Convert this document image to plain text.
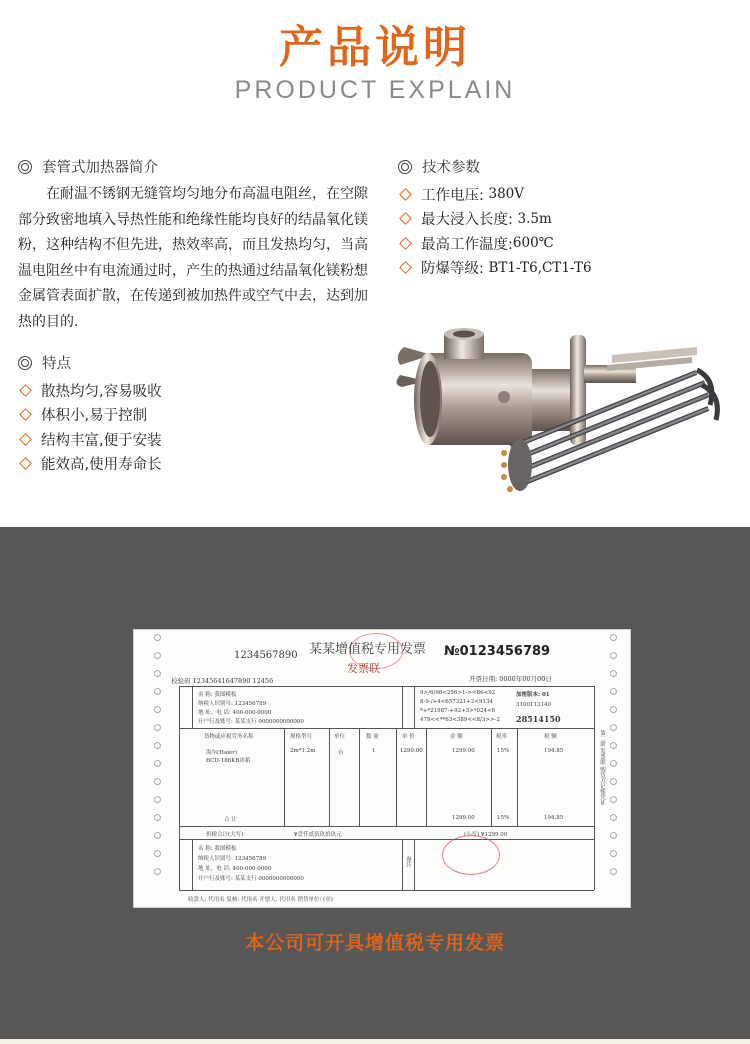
产品说明
PRODUCT EXPLAIN
套管式加热器简介

在耐温不锈钢无缝管均匀地分布高温电阻丝，在空隙部分致密地填入导热性能和绝缘性能均良好的结晶氧化镁粉，这种结构不但先进，热效率高，而且发热均匀，当高温电阻丝中有电流通过时，产生的热通过结晶氧化镁粉想金属管表面扩散，在传递到被加热件或空气中去，达到加热的目的.

技术参数
工作电压:
380V
最大浸入长度:
3.5m
最高工作温度: 600℃
防爆等级:
BT1-T6,CT1-T6
特点
散热均匀,容易吸收
体积小,易于控制
结构丰富,便于安装
能效高,使用寿命长
1234567890 某某增值税专用发票
发票联
№0123456789
开票日期: 0000年00月00日
校验码 12345641647890 12456
名 称: 我图模板
纳税人识别号: 123456789
地 址、电 话: 400-000-0000
开户行及账号: 某某支行 0000000000000
9>/6/98<256>1-><86<92
8-9-/+4<657321+2<9134
*+*21987-+92+3>*024<6
479<<**63<389<<8/3>>-2
加密版本: 01
3100113140
28514150
货物或应税劳务名称	规格型号	单位	数 量	单 价	金 额	税率	税 额
海尔(Haier)
BCD-186KB冰箱
2m*1.2m	台	1	1299.00	1299.00	15%	194.85
合 计	1299.00	15%	194.85
价税合计(大写)	¥壹仟贰佰玖拾玖元	(小写) ¥1299.00
名 称: 我图模板
纳税人识别号: 123456789
地 址、电 话: 400-000-0000
开户行及账号: 某某支行 0000000000000
备注
收款人: 代用名 复核: 代用名 开票人: 代用名 销货单位: (章)
第二联 发票联 购货方记账凭证
本公司可开具增值税专用发票
